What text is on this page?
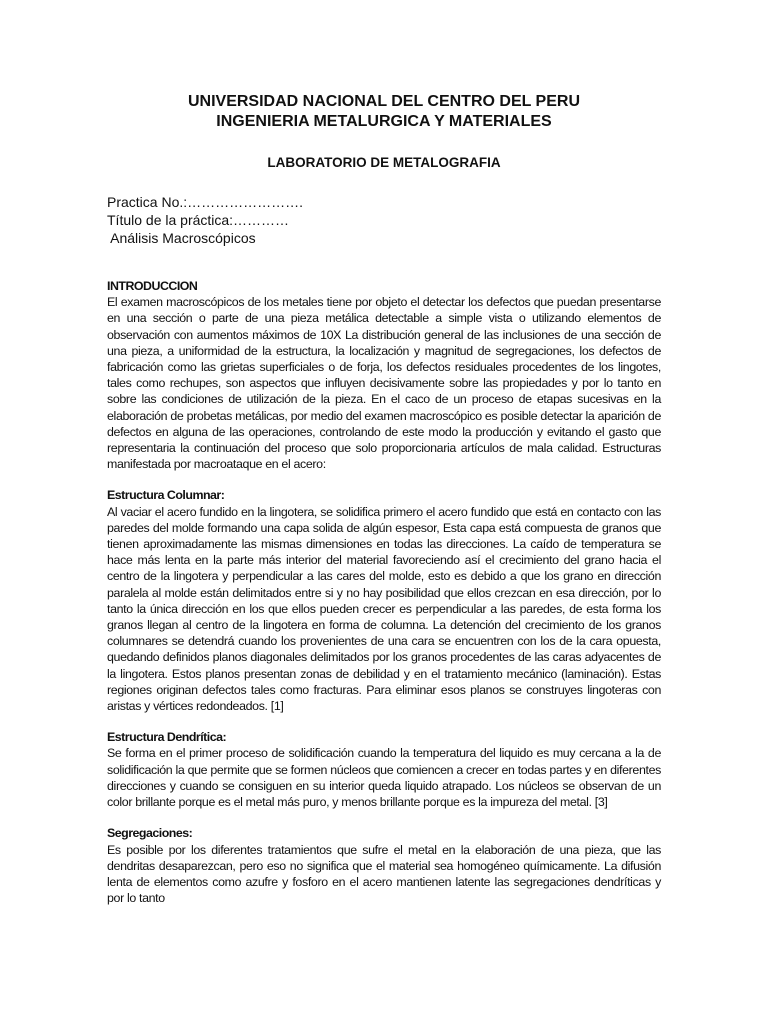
UNIVERSIDAD NACIONAL DEL CENTRO DEL PERU
INGENIERIA METALURGICA Y MATERIALES
LABORATORIO DE METALOGRAFIA
Practica No.:…………………….
Título de la práctica:…………
Análisis Macroscópicos
INTRODUCCION
El examen macroscópicos de los metales tiene por objeto el detectar los defectos que puedan presentarse en una sección o parte de una pieza metálica detectable a simple vista o utilizando elementos de observación con aumentos máximos de 10X La distribución general de las inclusiones de una sección de una pieza, a uniformidad de la estructura, la localización y magnitud de segregaciones, los defectos de fabricación como las grietas superficiales o de forja, los defectos residuales procedentes de los lingotes, tales como rechupes, son aspectos que influyen decisivamente sobre las propiedades y por lo tanto en sobre las condiciones de utilización de la pieza. En el caco de un proceso de etapas sucesivas en la elaboración de probetas metálicas, por medio del examen macroscópico es posible detectar la aparición de defectos en alguna de las operaciones, controlando de este modo la producción y evitando el gasto que representaria la continuación del proceso que solo proporcionaria artículos de mala calidad. Estructuras manifestada por macroataque en el acero:
Estructura Columnar:
Al vaciar el acero fundido en la lingotera, se solidifica primero el acero fundido que está en contacto con las paredes del molde formando una capa solida de algún espesor, Esta capa está compuesta de granos que tienen aproximadamente las mismas dimensiones en todas las direcciones. La caído de temperatura se hace más lenta en la parte más interior del material favoreciendo así el crecimiento del grano hacia el centro de la lingotera y perpendicular a las cares del molde, esto es debido a que los grano en dirección paralela al molde están delimitados entre si y no hay posibilidad que ellos crezcan en esa dirección, por lo tanto la única dirección en los que ellos pueden crecer es perpendicular a las paredes, de esta forma los granos llegan al centro de la lingotera en forma de columna. La detención del crecimiento de los granos columnares se detendrá cuando los provenientes de una cara se encuentren con los de la cara opuesta, quedando definidos planos diagonales delimitados por los granos procedentes de las caras adyacentes de la lingotera. Estos planos presentan zonas de debilidad y en el tratamiento mecánico (laminación). Estas regiones originan defectos tales como fracturas. Para eliminar esos planos se construyes lingoteras con aristas y vértices redondeados. [1]
Estructura Dendrítica:
Se forma en el primer proceso de solidificación cuando la temperatura del liquido es muy cercana a la de solidificación la que permite que se formen núcleos que comiencen a crecer en todas partes y en diferentes direcciones y cuando se consiguen en su interior queda liquido atrapado. Los núcleos se observan de un color brillante porque es el metal más puro, y menos brillante porque es la impureza del metal. [3]
Segregaciones:
Es posible por los diferentes tratamientos que sufre el metal en la elaboración de una pieza, que las dendritas desaparezcan, pero eso no significa que el material sea homogéneo químicamente. La difusión lenta de elementos como azufre y fosforo en el acero mantienen latente las segregaciones dendríticas y por lo tanto
